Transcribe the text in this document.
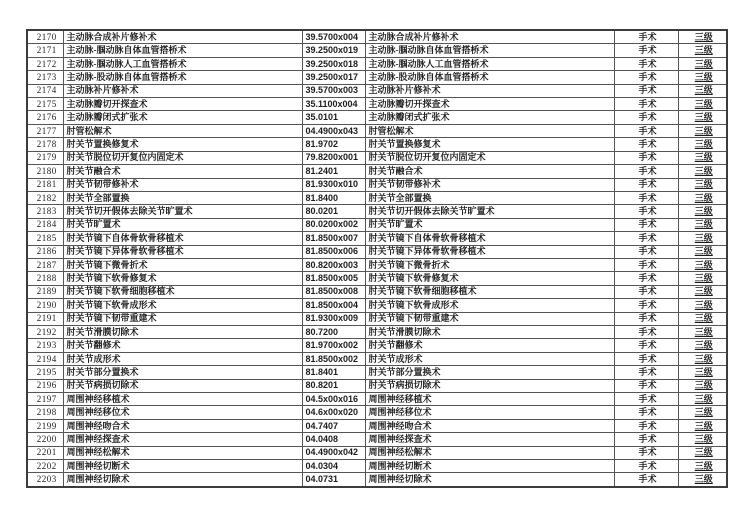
2170	主动脉合成补片修补术	39.5700x004	主动脉合成补片修补术	手术	三级
2171	主动脉-腘动脉自体血管搭桥术	39.2500x019	主动脉-腘动脉自体血管搭桥术	手术	三级
2172	主动脉-腘动脉人工血管搭桥术	39.2500x018	主动脉-腘动脉人工血管搭桥术	手术	三级
2173	主动脉-股动脉自体血管搭桥术	39.2500x017	主动脉-股动脉自体血管搭桥术	手术	三级
2174	主动脉补片修补术	39.5700x003	主动脉补片修补术	手术	三级
2175	主动脉瓣切开探查术	35.1100x004	主动脉瓣切开探查术	手术	三级
2176	主动脉瓣闭式扩张术	35.0101	主动脉瓣闭式扩张术	手术	三级
2177	肘管松解术	04.4900x043	肘管松解术	手术	三级
2178	肘关节置换修复术	81.9702	肘关节置换修复术	手术	三级
2179	肘关节脱位切开复位内固定术	79.8200x001	肘关节脱位切开复位内固定术	手术	三级
2180	肘关节融合术	81.2401	肘关节融合术	手术	三级
2181	肘关节韧带修补术	81.9300x010	肘关节韧带修补术	手术	三级
2182	肘关节全部置换	81.8400	肘关节全部置换	手术	三级
2183	肘关节切开假体去除关节旷置术	80.0201	肘关节切开假体去除关节旷置术	手术	三级
2184	肘关节旷置术	80.0200x002	肘关节旷置术	手术	三级
2185	肘关节镜下自体骨软骨移植术	81.8500x007	肘关节镜下自体骨软骨移植术	手术	三级
2186	肘关节镜下异体骨软骨移植术	81.8500x006	肘关节镜下异体骨软骨移植术	手术	三级
2187	肘关节镜下微骨折术	80.8200x003	肘关节镜下微骨折术	手术	三级
2188	肘关节镜下软骨修复术	81.8500x005	肘关节镜下软骨修复术	手术	三级
2189	肘关节镜下软骨细胞移植术	81.8500x008	肘关节镜下软骨细胞移植术	手术	三级
2190	肘关节镜下软骨成形术	81.8500x004	肘关节镜下软骨成形术	手术	三级
2191	肘关节镜下韧带重建术	81.9300x009	肘关节镜下韧带重建术	手术	三级
2192	肘关节滑膜切除术	80.7200	肘关节滑膜切除术	手术	三级
2193	肘关节翻修术	81.9700x002	肘关节翻修术	手术	三级
2194	肘关节成形术	81.8500x002	肘关节成形术	手术	三级
2195	肘关节部分置换术	81.8401	肘关节部分置换术	手术	三级
2196	肘关节病损切除术	80.8201	肘关节病损切除术	手术	三级
2197	周围神经移植术	04.5x00x016	周围神经移植术	手术	三级
2198	周围神经移位术	04.6x00x020	周围神经移位术	手术	三级
2199	周围神经吻合术	04.7407	周围神经吻合术	手术	三级
2200	周围神经探查术	04.0408	周围神经探查术	手术	三级
2201	周围神经松解术	04.4900x042	周围神经松解术	手术	三级
2202	周围神经切断术	04.0304	周围神经切断术	手术	三级
2203	周围神经切除术	04.0731	周围神经切除术	手术	三级
